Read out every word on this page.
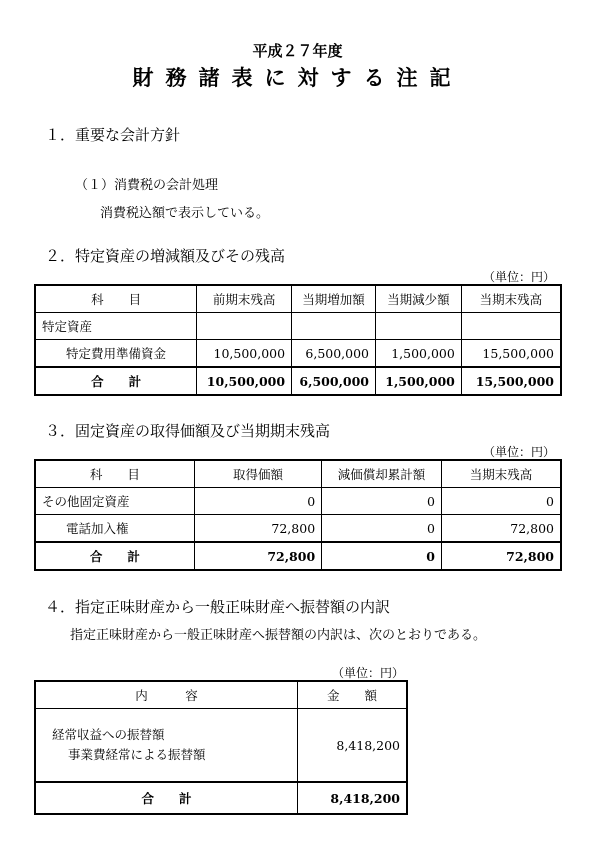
平成２７年度
財務諸表に対する注記
１．重要な会計方針
（１）消費税の会計処理
消費税込額で表示している。
２．特定資産の増減額及びその残高
（単位：円）
科　　目	前期末残高	当期増加額	当期減少額	当期末残高
特定資産				
特定費用準備資金	10,500,000	6,500,000	1,500,000	15,500,000
合　　計	10,500,000	6,500,000	1,500,000	15,500,000
３．固定資産の取得価額及び当期期末残高
（単位：円）
科　　目	取得価額	減価償却累計額	当期末残高
その他固定資産	0	0	0
電話加入権	72,800	0	72,800
合　　計	72,800	0	72,800
４．指定正味財産から一般正味財産へ振替額の内訳
指定正味財産から一般正味財産へ振替額の内訳は、次のとおりである。
（単位：円）
内　　　容	金　　額

経常収益への振替額
事業費経常による振替額	8,418,200
合　　計	8,418,200
